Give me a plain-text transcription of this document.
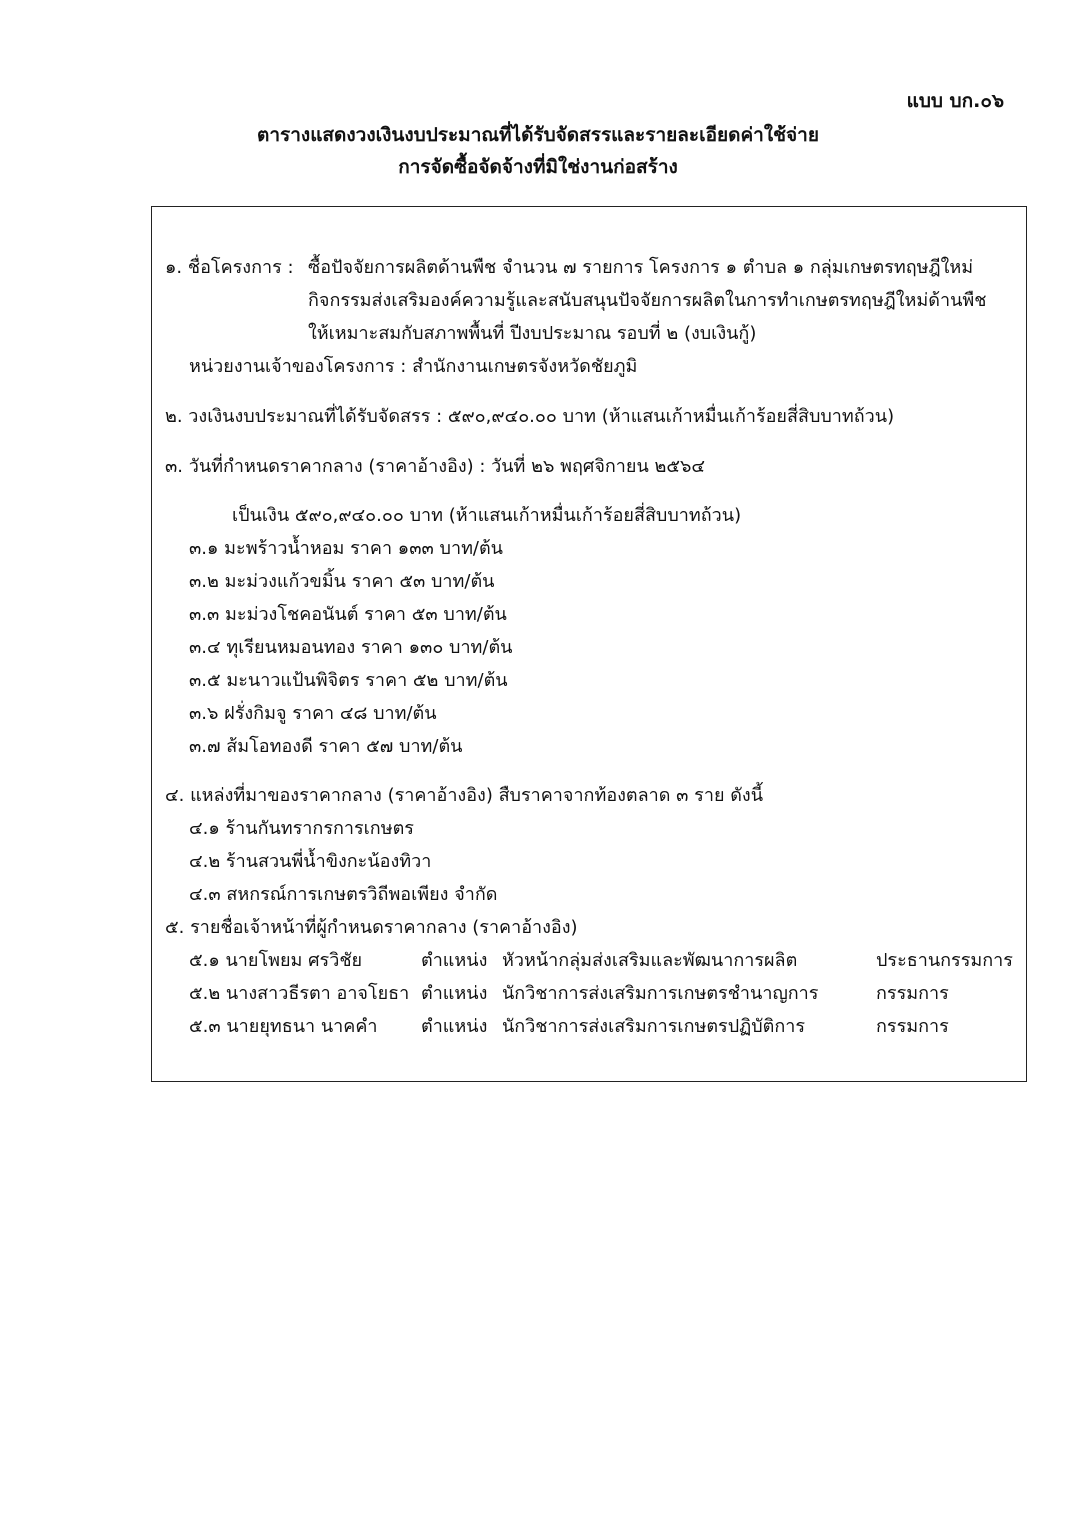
แบบ บก.๐๖
ตารางแสดงวงเงินงบประมาณที่ได้รับจัดสรรและรายละเอียดค่าใช้จ่าย
การจัดซื้อจัดจ้างที่มิใช่งานก่อสร้าง
๑. ชื่อโครงการ : ซื้อปัจจัยการผลิตด้านพืช จำนวน ๗ รายการ โครงการ ๑ ตำบล ๑ กลุ่มเกษตรทฤษฎีใหม่
กิจกรรมส่งเสริมองค์ความรู้และสนับสนุนปัจจัยการผลิตในการทำเกษตรทฤษฎีใหม่ด้านพืช
ให้เหมาะสมกับสภาพพื้นที่ ปีงบประมาณ รอบที่ ๒ (งบเงินกู้)
หน่วยงานเจ้าของโครงการ : สำนักงานเกษตรจังหวัดชัยภูมิ
๒. วงเงินงบประมาณที่ได้รับจัดสรร : ๕๙๐,๙๔๐.๐๐ บาท (ห้าแสนเก้าหมื่นเก้าร้อยสี่สิบบาทถ้วน)
๓. วันที่กำหนดราคากลาง (ราคาอ้างอิง) : วันที่ ๒๖ พฤศจิกายน ๒๕๖๔
เป็นเงิน ๕๙๐,๙๔๐.๐๐ บาท (ห้าแสนเก้าหมื่นเก้าร้อยสี่สิบบาทถ้วน)
๓.๑ มะพร้าวน้ำหอม ราคา ๑๓๓ บาท/ต้น
๓.๒ มะม่วงแก้วขมิ้น ราคา ๕๓ บาท/ต้น
๓.๓ มะม่วงโชคอนันต์ ราคา ๕๓ บาท/ต้น
๓.๔ ทุเรียนหมอนทอง ราคา ๑๓๐ บาท/ต้น
๓.๕ มะนาวแป้นพิจิตร ราคา ๕๒ บาท/ต้น
๓.๖ ฝรั่งกิมจู ราคา ๔๘ บาท/ต้น
๓.๗ ส้มโอทองดี ราคา ๕๗ บาท/ต้น
๔. แหล่งที่มาของราคากลาง (ราคาอ้างอิง) สืบราคาจากท้องตลาด ๓ ราย ดังนี้
๔.๑ ร้านกันทรากรการเกษตร
๔.๒ ร้านสวนพี่น้ำขิงกะน้องทิวา
๔.๓ สหกรณ์การเกษตรวิถีพอเพียง จำกัด
๕. รายชื่อเจ้าหน้าที่ผู้กำหนดราคากลาง (ราคาอ้างอิง)
๕.๑ นายโพยม ศรวิชัย	ตำแหน่ง หัวหน้ากลุ่มส่งเสริมและพัฒนาการผลิต	ประธานกรรมการ
๕.๒ นางสาวธีรตา อาจโยธา ตำแหน่ง นักวิชาการส่งเสริมการเกษตรชำนาญการ	กรรมการ
๕.๓ นายยุทธนา นาคคำ ตำแหน่ง นักวิชาการส่งเสริมการเกษตรปฏิบัติการ	กรรมการ
